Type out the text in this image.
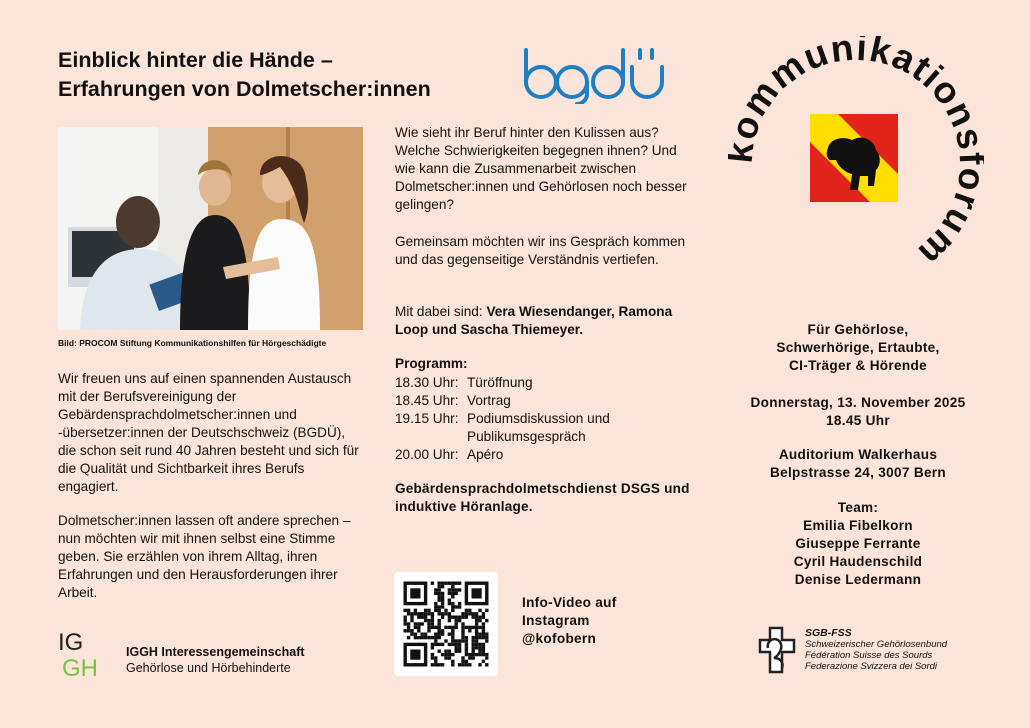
Einblick hinter die Hände –
Erfahrungen von Dolmetscher:innen
Bild: PROCOM Stiftung Kommunikationshilfen für Hörgeschädigte
Wir freuen uns auf einen spannenden Austausch mit der Berufsvereinigung der Gebärdensprachdolmetscher:innen und -übersetzer:innen der Deutschschweiz (BGDÜ), die schon seit rund 40 Jahren besteht und sich für die Qualität und Sichtbarkeit ihres Berufs engagiert.
Dolmetscher:innen lassen oft andere sprechen – nun möchten wir mit ihnen selbst eine Stimme geben. Sie erzählen von ihrem Alltag, ihren Erfahrungen und den Herausforderungen ihrer Arbeit.
Wie sieht ihr Beruf hinter den Kulissen aus? Welche Schwierigkeiten begegnen ihnen? Und wie kann die Zusammenarbeit zwischen Dolmetscher:innen und Gehörlosen noch besser gelingen?
Gemeinsam möchten wir ins Gespräch kommen und das gegenseitige Verständnis vertiefen.
Mit dabei sind: Vera Wiesendanger, Ramona Loop und Sascha Thiemeyer.
Programm:
18.30 Uhr: Türöffnung
18.45 Uhr: Vortrag
19.15 Uhr: Podiumsdiskussion und Publikumsgespräch
20.00 Uhr: Apéro
Gebärdensprachdolmetschdienst DSGS und induktive Höranlage.
Info-Video auf
Instagram
@kofobern
mmunikation rum
Für Gehörlose,
Schwerhörige, Ertaubte,
CI-Träger & Hörende
Donnerstag, 13. November 2025
18.45 Uhr
Auditorium Walkerhaus
Belpstrasse 24, 3007 Bern
Team:
Emilia Fibelkorn
Giuseppe Ferrante
Cyril Haudenschild
Denise Ledermann
IG
GH
IGGH Interessengemeinschaft
Gehörlose und Hörbehinderte
SGB-FSS
Schweizerischer Gehörlosenbund
Fédération Suisse des Sourds
Federazione Svizzera dei Sordi
